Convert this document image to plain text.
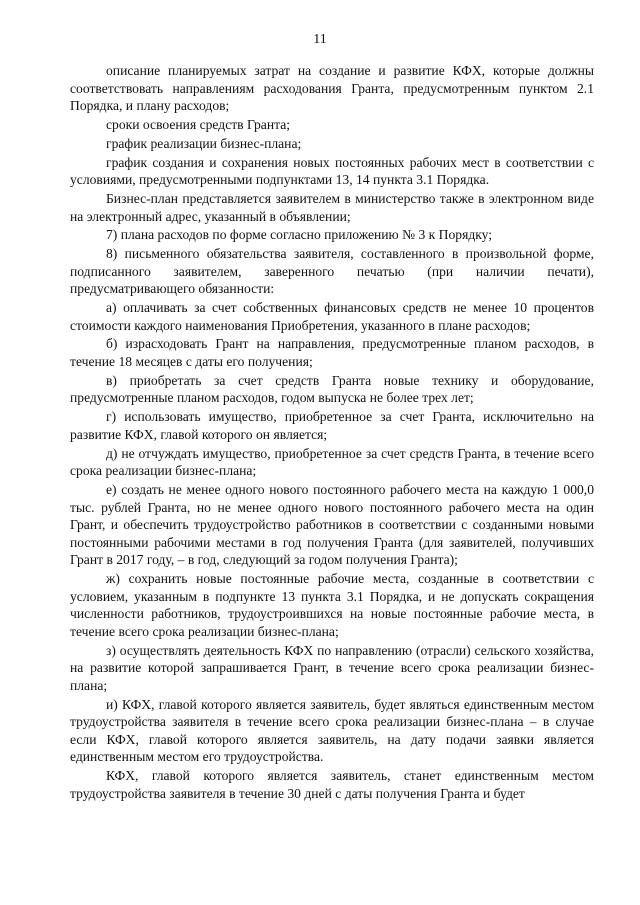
11

описание планируемых затрат на создание и развитие КФХ, которые должны соответствовать направлениям расходования Гранта, предусмотренным пунктом 2.1 Порядка, и плану расходов;

сроки освоения средств Гранта;

график реализации бизнес-плана;

график создания и сохранения новых постоянных рабочих мест в соответствии с условиями, предусмотренными подпунктами 13, 14 пункта 3.1 Порядка.

Бизнес-план представляется заявителем в министерство также в электронном виде на электронный адрес, указанный в объявлении;

7) плана расходов по форме согласно приложению № 3 к Порядку;

8) письменного обязательства заявителя, составленного в произвольной форме, подписанного заявителем, заверенного печатью (при наличии печати), предусматривающего обязанности:

а) оплачивать за счет собственных финансовых средств не менее 10 процентов стоимости каждого наименования Приобретения, указанного в плане расходов;

б) израсходовать Грант на направления, предусмотренные планом расходов, в течение 18 месяцев с даты его получения;

в) приобретать за счет средств Гранта новые технику и оборудование, предусмотренные планом расходов, годом выпуска не более трех лет;

г) использовать имущество, приобретенное за счет Гранта, исключительно на развитие КФХ, главой которого он является;

д) не отчуждать имущество, приобретенное за счет средств Гранта, в течение всего срока реализации бизнес-плана;

е) создать не менее одного нового постоянного рабочего места на каждую 1 000,0 тыс. рублей Гранта, но не менее одного нового постоянного рабочего места на один Грант, и обеспечить трудоустройство работников в соответствии с созданными новыми постоянными рабочими местами в год получения Гранта (для заявителей, получивших Грант в 2017 году, – в год, следующий за годом получения Гранта);

ж) сохранить новые постоянные рабочие места, созданные в соответствии с условием, указанным в подпункте 13 пункта 3.1 Порядка, и не допускать сокращения численности работников, трудоустроившихся на новые постоянные рабочие места, в течение всего срока реализации бизнес-плана;

з) осуществлять деятельность КФХ по направлению (отрасли) сельского хозяйства, на развитие которой запрашивается Грант, в течение всего срока реализации бизнес-плана;

и) КФХ, главой которого является заявитель, будет являться единственным местом трудоустройства заявителя в течение всего срока реализации бизнес-плана – в случае если КФХ, главой которого является заявитель, на дату подачи заявки является единственным местом его трудоустройства.

КФХ, главой которого является заявитель, станет единственным местом трудоустройства заявителя в течение 30 дней с даты получения Гранта и будет
